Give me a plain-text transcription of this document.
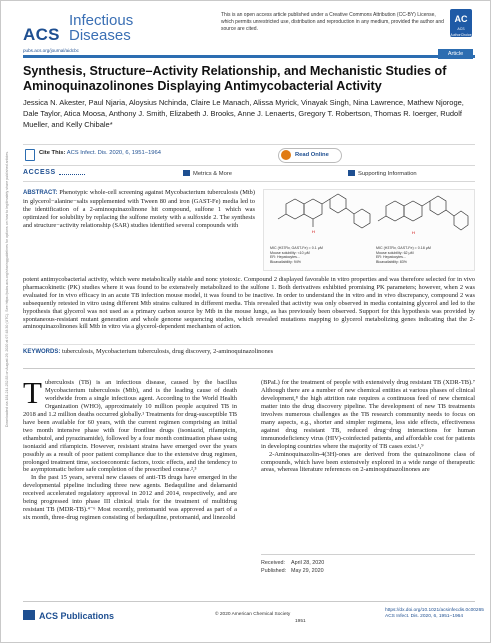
Downloaded via 181.214.252.83 on August 29, 2020 at 07:48:30 (UTC). See https://pubs.acs.org/sharingguidelines for options on how to legitimately share published articles.
ACS
Infectious
Diseases
This is an open access article published under a Creative Commons Attribution (CC-BY) License, which permits unrestricted use, distribution and reproduction in any medium, provided the author and source are cited.
AC
ACS AuthorChoice
pubs.acs.org/journal/aidcbc
Article
Synthesis, Structure–Activity Relationship, and Mechanistic Studies of Aminoquinazolinones Displaying Antimycobacterial Activity
Jessica N. Akester, Paul Njaria, Aloysius Nchinda, Claire Le Manach, Alissa Myrick, Vinayak Singh, Nina Lawrence, Mathew Njoroge, Dale Taylor, Atica Moosa, Anthony J. Smith, Elizabeth J. Brooks, Anne J. Lenaerts, Gregory T. Robertson, Thomas R. Ioerger, Rudolf Mueller, and Kelly Chibale*
Cite This: ACS Infect. Dis. 2020, 6, 1951−1964	Read Online
ACCESS	Metrics & More	Supporting Information
ABSTRACT: Phenotypic whole-cell screening against Mycobacterium tuberculosis (Mtb) in glycerol−alanine−salts supplemented with Tween 80 and iron (GAST-Fe) media led to the identification of a 2-aminoquinazolinone hit compound, sulfone 1 which was optimized for solubility by replacing the sulfone moiety with a sulfoxide 2. The synthesis and structure−activity relationship (SAR) studies identified several compounds with
H	H
MIC (H37Rv, GAST-Fe) = 0.1 μM
Mouse solubility: <10 μM
ER: Hepatocytes...
Bioavailability: 94%
MIC (H37Rv, GAST-Fe) = 0.18 μM
Mouse solubility: 62 μM
ER: Hepatocytes...
Bioavailability: 83%
potent antimycobacterial activity, which were metabolically stable and nonc ytotoxic. Compound 2 displayed favorable in vitro properties and was therefore selected for in vivo pharmacokinetic (PK) studies where it was found to be extensively metabolized to the sulfone 1. Both derivatives exhibited promising PK parameters; however, when 2 was evaluated for in vivo efficacy in an acute TB infection mouse model, it was found to be inactive. In order to understand the in vitro and in vivo discrepancy, compound 2 was subsequently retested in vitro using different Mtb strains cultured in different media. This revealed that activity was only observed in media containing glycerol and led to the hypothesis that glycerol was not used as a primary carbon source by Mtb in the mouse lungs, as has previously been observed. Support for this hypothesis was provided by spontaneous-resistant mutant generation and whole genome sequencing studies, which revealed mutations mapping to glycerol metabolizing genes indicating that the 2-aminoquinazolinones kill Mtb in vitro via a glycerol-dependent mechanism of action.
KEYWORDS: tuberculosis, Mycobacterium tuberculosis, drug discovery, 2-aminoquinazolinones

Tuberculosis (TB) is an infectious disease, caused by the bacillus Mycobacterium tuberculosis (Mtb), and is the leading cause of death worldwide from a single infectious agent. According to the World Health Organization (WHO), approximately 10 million people acquired TB in 2018 and 1.2 million deaths occurred globally.¹ Treatments for drug-susceptible TB have been available for 60 years, with the current regimen comprising an initial two month intensive phase with four frontline drugs (isoniazid, rifampicin, ethambutol, and pyrazinamide), followed by a four month continuation phase using isoniazid and rifampicin. However, resistant strains have emerged over the years possibly as a result of poor patient compliance due to the extensive drug regimen, prolonged treatment time, socioeconomic factors, toxic effects, and the tendency to be asymptomatic before safe completion of the prescribed course.²,³

In the past 15 years, several new classes of anti-TB drugs have emerged in the developmental pipeline including three new agents. Bedaquiline and delamanid received accelerated regulatory approval in 2012 and 2014, respectively, and are being progressed into phase III clinical trials for the treatment of multidrug resistant TB (MDR-TB).⁴⁻⁶ Most recently, pretomanid was approved as part of a six month, three-drug regimen consisting of bedaquiline, pretomanid, and linezolid

(BPaL) for the treatment of people with extensively drug resistant TB (XDR-TB).⁷ Although there are a number of new chemical entities at various phases of clinical development,⁸ the high attrition rate requires a continuous feed of new chemical matter into the drug discovery pipeline. The development of new TB treatments involves numerous challenges as the TB research community needs to focus on many aspects, e.g., shorter and simpler regimens, less side effects, effectiveness against drug resistant TB, reduced drug−drug interactions for human immunodeficiency virus (HIV)-coinfected patients, and affordable cost for patients in developing countries where the majority of TB cases exist.¹,⁹

2-Aminoquinazolin-4(3H)-ones are derived from the quinazolinone class of compounds, which have been extensively explored in a wide range of therapeutic areas, whereas literature references on 2-aminoquinazolinones are

Received: April 28, 2020
Published: May 29, 2020
ACS Publications	© 2020 American Chemical Society
1951
https://dx.doi.org/10.1021/acsinfecdis.0c00265
ACS Infect. Dis. 2020, 6, 1951−1964
